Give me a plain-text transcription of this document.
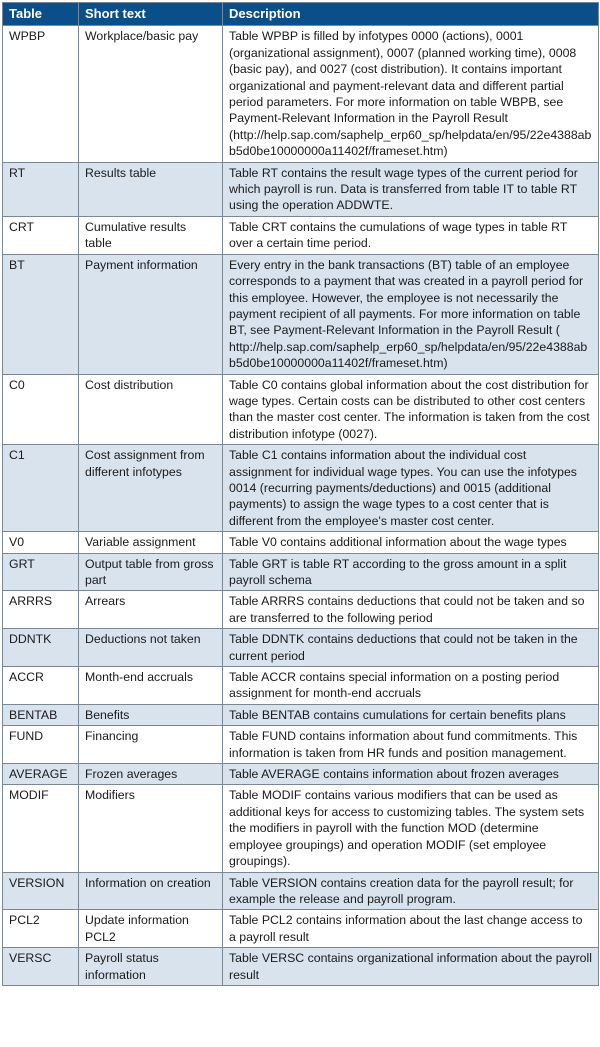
Table	Short text	Description
WPBP	Workplace/basic pay	Table WPBP is filled by infotypes 0000 (actions), 0001 (organizational assignment), 0007 (planned working time), 0008 (basic pay), and 0027 (cost distribution). It contains important organizational and payment-relevant data and different partial period parameters. For more information on table WBPB, see Payment-Relevant Information in the Payroll Result (http://help.sap.com/saphelp_erp60_sp/helpdata/en/95/22e4388abb5d0be10000000a11402f/frameset.htm)
RT	Results table	Table RT contains the result wage types of the current period for which payroll is run. Data is transferred from table IT to table RT using the operation ADDWTE.
CRT	Cumulative results table	Table CRT contains the cumulations of wage types in table RT over a certain time period.
BT	Payment information	Every entry in the bank transactions (BT) table of an employee corresponds to a payment that was created in a payroll period for this employee. However, the employee is not necessarily the payment recipient of all payments. For more information on table BT, see Payment-Relevant Information in the Payroll Result ( http://help.sap.com/saphelp_erp60_sp/helpdata/en/95/22e4388abb5d0be10000000a11402f/frameset.htm)
C0	Cost distribution	Table C0 contains global information about the cost distribution for wage types. Certain costs can be distributed to other cost centers than the master cost center. The information is taken from the cost distribution infotype (0027).
C1	Cost assignment from different infotypes	Table C1 contains information about the individual cost assignment for individual wage types. You can use the infotypes 0014 (recurring payments/deductions) and 0015 (additional payments) to assign the wage types to a cost center that is different from the employee's master cost center.
V0	Variable assignment	Table V0 contains additional information about the wage types
GRT	Output table from gross part	Table GRT is table RT according to the gross amount in a split payroll schema
ARRRS	Arrears	Table ARRRS contains deductions that could not be taken and so are transferred to the following period
DDNTK	Deductions not taken	Table DDNTK contains deductions that could not be taken in the current period
ACCR	Month-end accruals	Table ACCR contains special information on a posting period assignment for month-end accruals
BENTAB	Benefits	Table BENTAB contains cumulations for certain benefits plans
FUND	Financing	Table FUND contains information about fund commitments. This information is taken from HR funds and position management.
AVERAGE	Frozen averages	Table AVERAGE contains information about frozen averages
MODIF	Modifiers	Table MODIF contains various modifiers that can be used as additional keys for access to customizing tables. The system sets the modifiers in payroll with the function MOD (determine employee groupings) and operation MODIF (set employee groupings).
VERSION	Information on creation	Table VERSION contains creation data for the payroll result; for example the release and payroll program.
PCL2	Update information PCL2	Table PCL2 contains information about the last change access to a payroll result
VERSC	Payroll status information	Table VERSC contains organizational information about the payroll result
